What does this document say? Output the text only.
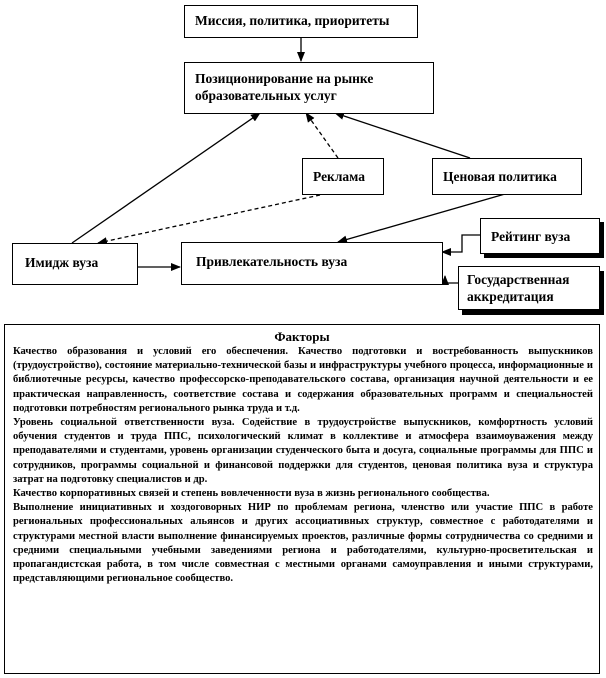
Миссия, политика, приоритеты
Позиционирование на рынке образовательных услуг
Реклама	Ценовая политика
Имидж вуза	Привлекательность вуза
Рейтинг вуза
Государственная аккредитация
Факторы

Качество образования и условий его обеспечения. Качество подготовки и востребованность выпускников (трудоустройство), состояние материально-технической базы и инфраструктуры учебного процесса, информационные и библиотечные ресурсы, качество профессорско-преподавательского состава, организация научной деятельности и ее практическая направленность, соответствие состава и содержания образовательных программ и специальностей подготовки потребностям регионального рынка труда и т.д.

Уровень социальной ответственности вуза. Содействие в трудоустройстве выпускников, комфортность условий обучения студентов и труда ППС, психологический климат в коллективе и атмосфера взаимоуважения между преподавателями и студентами, уровень организации студенческого быта и досуга, социальные программы для ППС и сотрудников, программы социальной и финансовой поддержки для студентов, ценовая политика вуза и структура затрат на подготовку специалистов и др.

Качество корпоративных связей и степень вовлеченности вуза в жизнь регионального сообщества.

Выполнение инициативных и хоздоговорных НИР по проблемам региона, членство или участие ППС в работе региональных профессиональных альянсов и других ассоциативных структур, совместное с работодателями и структурами местной власти выполнение финансируемых проектов, различные формы сотрудничества со средними и средними специальными учебными заведениями региона и работодателями, культурно-просветительская и пропагандистская работа, в том числе совместная с местными органами самоуправления и иными структурами, представляющими региональное сообщество.
